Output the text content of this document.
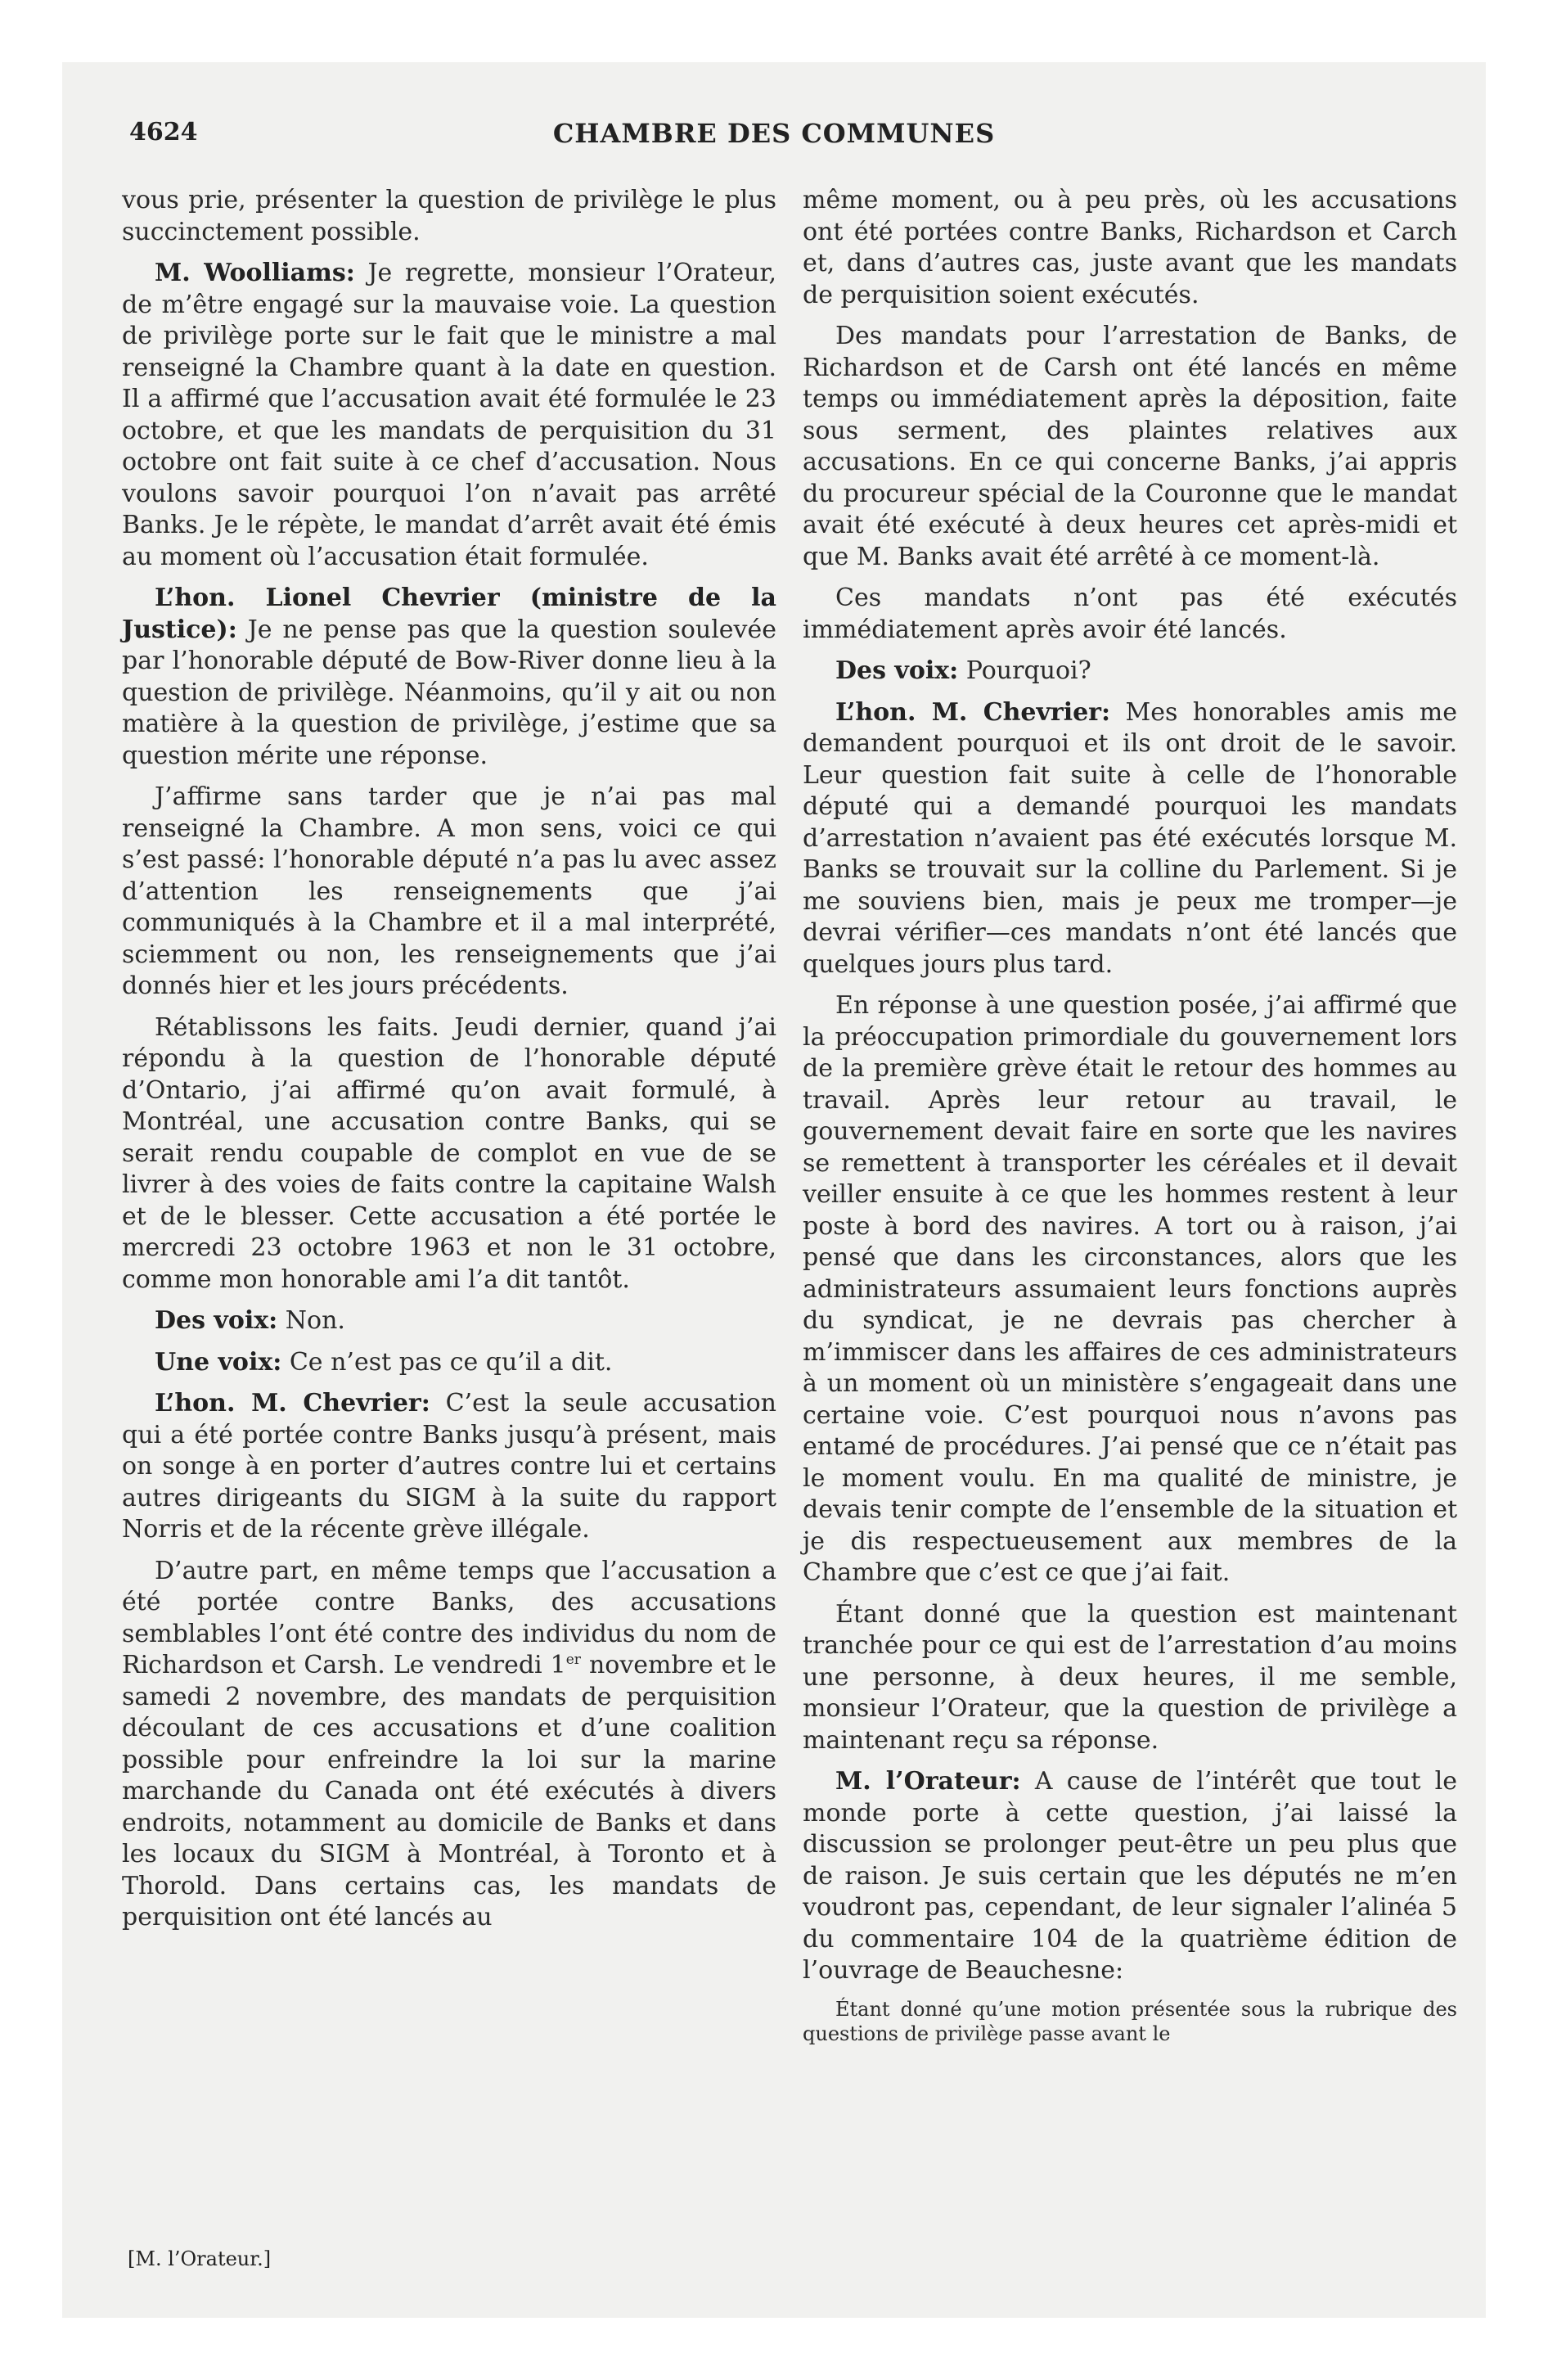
4624	CHAMBRE DES COMMUNES

vous prie, présenter la question de privilège le plus succinctement possible.

M. Woolliams: Je regrette, monsieur l’Orateur, de m’être engagé sur la mauvaise voie. La question de privilège porte sur le fait que le ministre a mal renseigné la Chambre quant à la date en question. Il a affirmé que l’accusation avait été formulée le 23 octobre, et que les mandats de perquisition du 31 octobre ont fait suite à ce chef d’accusation. Nous voulons savoir pourquoi l’on n’avait pas arrêté Banks. Je le répète, le mandat d’arrêt avait été émis au moment où l’accusation était formulée.

L’hon. Lionel Chevrier (ministre de la Justice): Je ne pense pas que la question soulevée par l’honorable député de Bow-River donne lieu à la question de privilège. Néanmoins, qu’il y ait ou non matière à la question de privilège, j’estime que sa question mérite une réponse.

J’affirme sans tarder que je n’ai pas mal renseigné la Chambre. A mon sens, voici ce qui s’est passé: l’honorable député n’a pas lu avec assez d’attention les renseignements que j’ai communiqués à la Chambre et il a mal interprété, sciemment ou non, les renseignements que j’ai donnés hier et les jours précédents.

Rétablissons les faits. Jeudi dernier, quand j’ai répondu à la question de l’honorable député d’Ontario, j’ai affirmé qu’on avait formulé, à Montréal, une accusation contre Banks, qui se serait rendu coupable de complot en vue de se livrer à des voies de faits contre la capitaine Walsh et de le blesser. Cette accusation a été portée le mercredi 23 octobre 1963 et non le 31 octobre, comme mon honorable ami l’a dit tantôt.

Des voix: Non.

Une voix: Ce n’est pas ce qu’il a dit.

L’hon. M. Chevrier: C’est la seule accusation qui a été portée contre Banks jusqu’à présent, mais on songe à en porter d’autres contre lui et certains autres dirigeants du SIGM à la suite du rapport Norris et de la récente grève illégale.

D’autre part, en même temps que l’accusation a été portée contre Banks, des accusations semblables l’ont été contre des individus du nom de Richardson et Carsh. Le vendredi 1er novembre et le samedi 2 novembre, des mandats de perquisition découlant de ces accusations et d’une coalition possible pour enfreindre la loi sur la marine marchande du Canada ont été exécutés à divers endroits, notamment au domicile de Banks et dans les locaux du SIGM à Montréal, à Toronto et à Thorold. Dans certains cas, les mandats de perquisition ont été lancés au

même moment, ou à peu près, où les accusations ont été portées contre Banks, Richardson et Carch et, dans d’autres cas, juste avant que les mandats de perquisition soient exécutés.

Des mandats pour l’arrestation de Banks, de Richardson et de Carsh ont été lancés en même temps ou immédiatement après la déposition, faite sous serment, des plaintes relatives aux accusations. En ce qui concerne Banks, j’ai appris du procureur spécial de la Couronne que le mandat avait été exécuté à deux heures cet après-midi et que M. Banks avait été arrêté à ce moment-là.

Ces mandats n’ont pas été exécutés immédiatement après avoir été lancés.

Des voix: Pourquoi?

L’hon. M. Chevrier: Mes honorables amis me demandent pourquoi et ils ont droit de le savoir. Leur question fait suite à celle de l’honorable député qui a demandé pourquoi les mandats d’arrestation n’avaient pas été exécutés lorsque M. Banks se trouvait sur la colline du Parlement. Si je me souviens bien, mais je peux me tromper—je devrai vérifier—ces mandats n’ont été lancés que quelques jours plus tard.

En réponse à une question posée, j’ai affirmé que la préoccupation primordiale du gouvernement lors de la première grève était le retour des hommes au travail. Après leur retour au travail, le gouvernement devait faire en sorte que les navires se remettent à transporter les céréales et il devait veiller ensuite à ce que les hommes restent à leur poste à bord des navires. A tort ou à raison, j’ai pensé que dans les circonstances, alors que les administrateurs assumaient leurs fonctions auprès du syndicat, je ne devrais pas chercher à m’immiscer dans les affaires de ces administrateurs à un moment où un ministère s’engageait dans une certaine voie. C’est pourquoi nous n’avons pas entamé de procédures. J’ai pensé que ce n’était pas le moment voulu. En ma qualité de ministre, je devais tenir compte de l’ensemble de la situation et je dis respectueusement aux membres de la Chambre que c’est ce que j’ai fait.

Étant donné que la question est maintenant tranchée pour ce qui est de l’arrestation d’au moins une personne, à deux heures, il me semble, monsieur l’Orateur, que la question de privilège a maintenant reçu sa réponse.

M. l’Orateur: A cause de l’intérêt que tout le monde porte à cette question, j’ai laissé la discussion se prolonger peut-être un peu plus que de raison. Je suis certain que les députés ne m’en voudront pas, cependant, de leur signaler l’alinéa 5 du commentaire 104 de la quatrième édition de l’ouvrage de Beauchesne:

Étant donné qu’une motion présentée sous la rubrique des questions de privilège passe avant le

[M. l’Orateur.]
